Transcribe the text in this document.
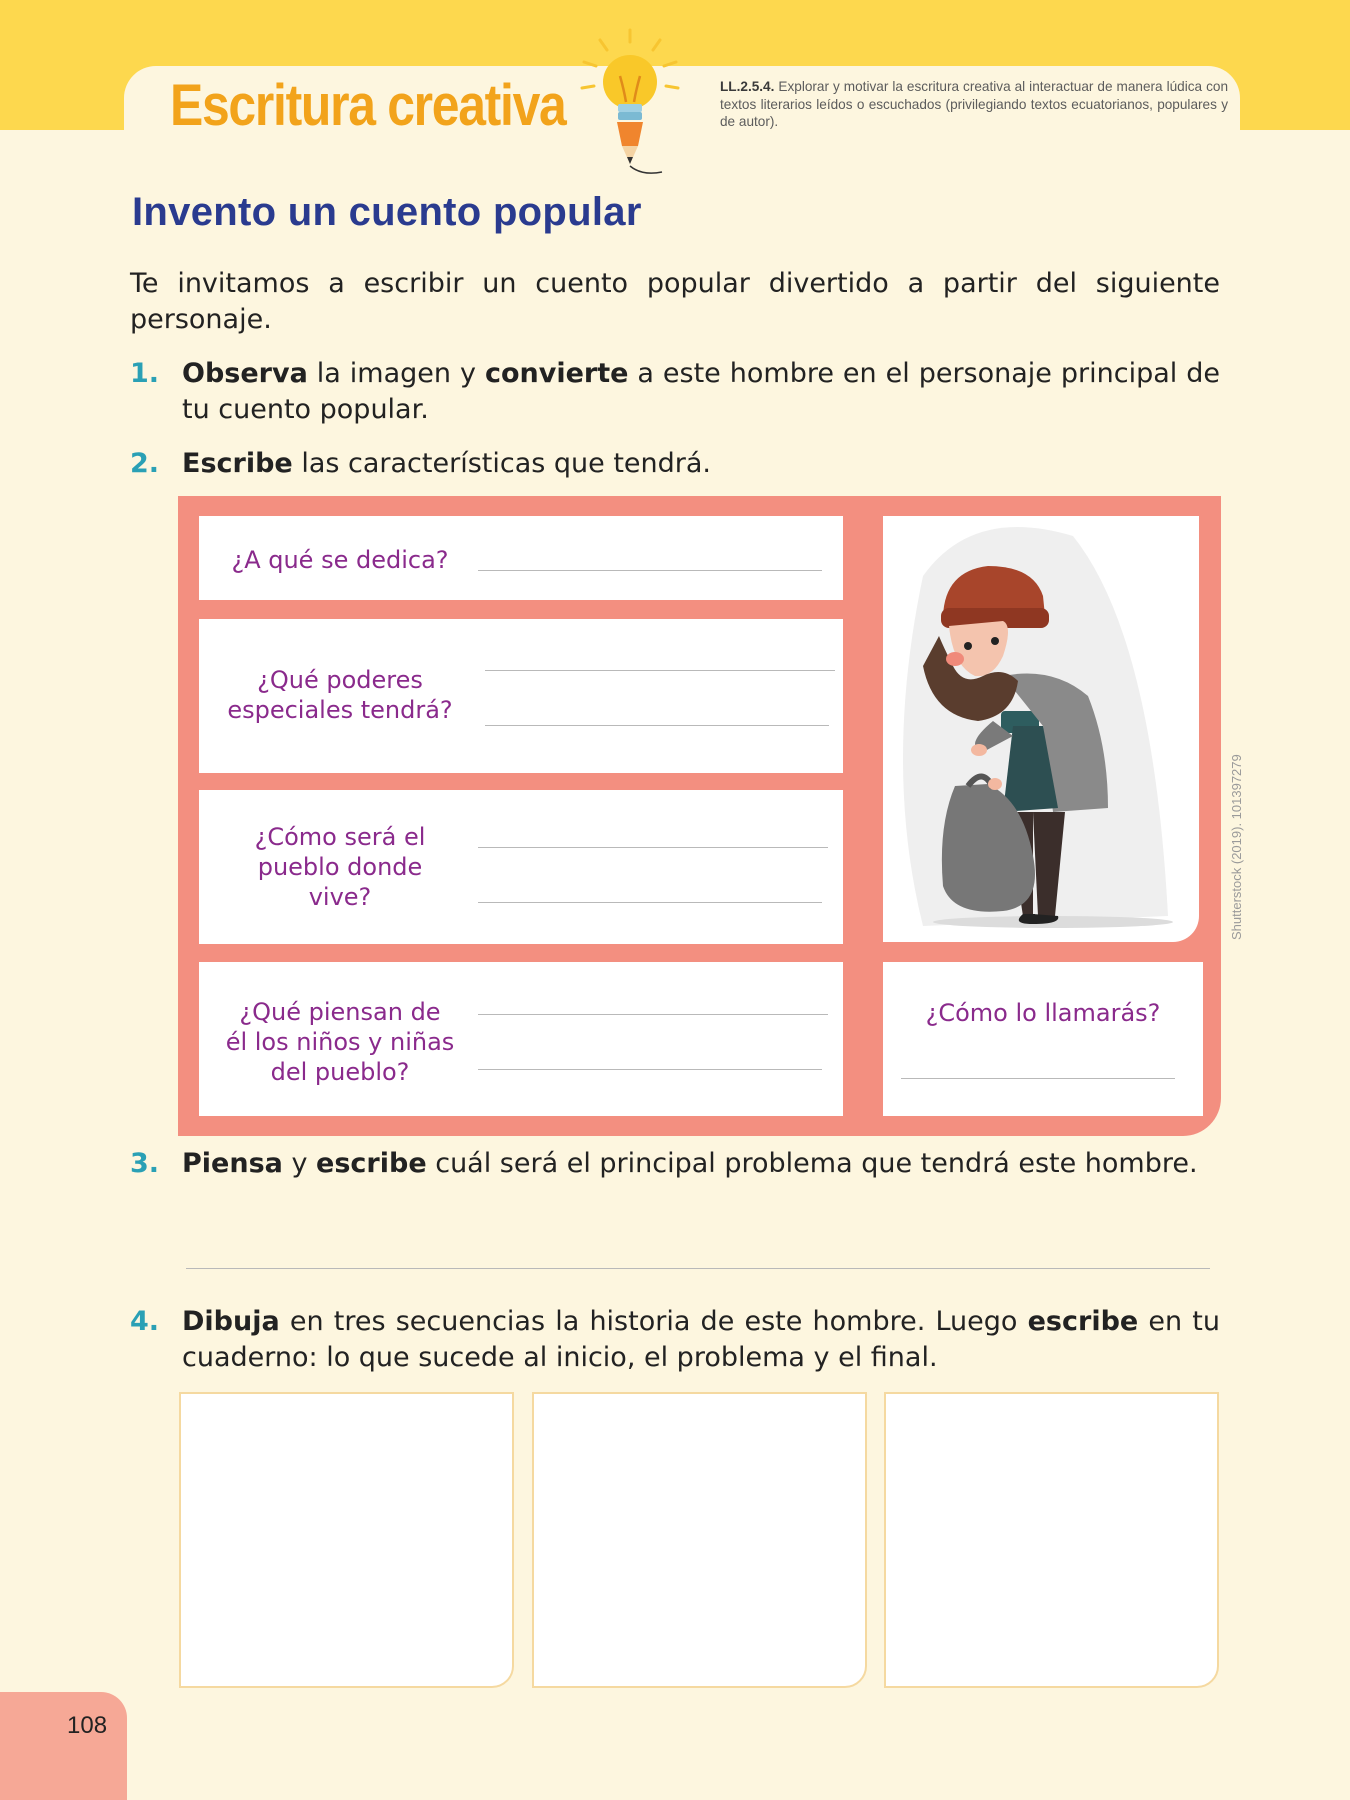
Escritura creativa	LL.2.5.4. Explorar y motivar la escritura creativa al interactuar de manera lúdica con textos literarios leídos o escuchados (privilegiando textos ecuatorianos, populares y de autor).
Invento un cuento popular
Te invitamos a escribir un cuento popular divertido a partir del siguiente personaje.
1. Observa la imagen y convierte a este hombre en el personaje principal de tu cuento popular.
2. Escribe las características que tendrá.
¿A qué se dedica?
¿Qué poderes
especiales tendrá?
¿Cómo será el
pueblo donde
vive?
¿Qué piensan de
él los niños y niñas
del pueblo?
Shutterstock (2019). 101397279
¿Cómo lo llamarás?
3. Piensa y escribe cuál será el principal problema que tendrá este hombre.
4. Dibuja en tres secuencias la historia de este hombre. Luego escribe en tu cuaderno: lo que sucede al inicio, el problema y el final.
108
